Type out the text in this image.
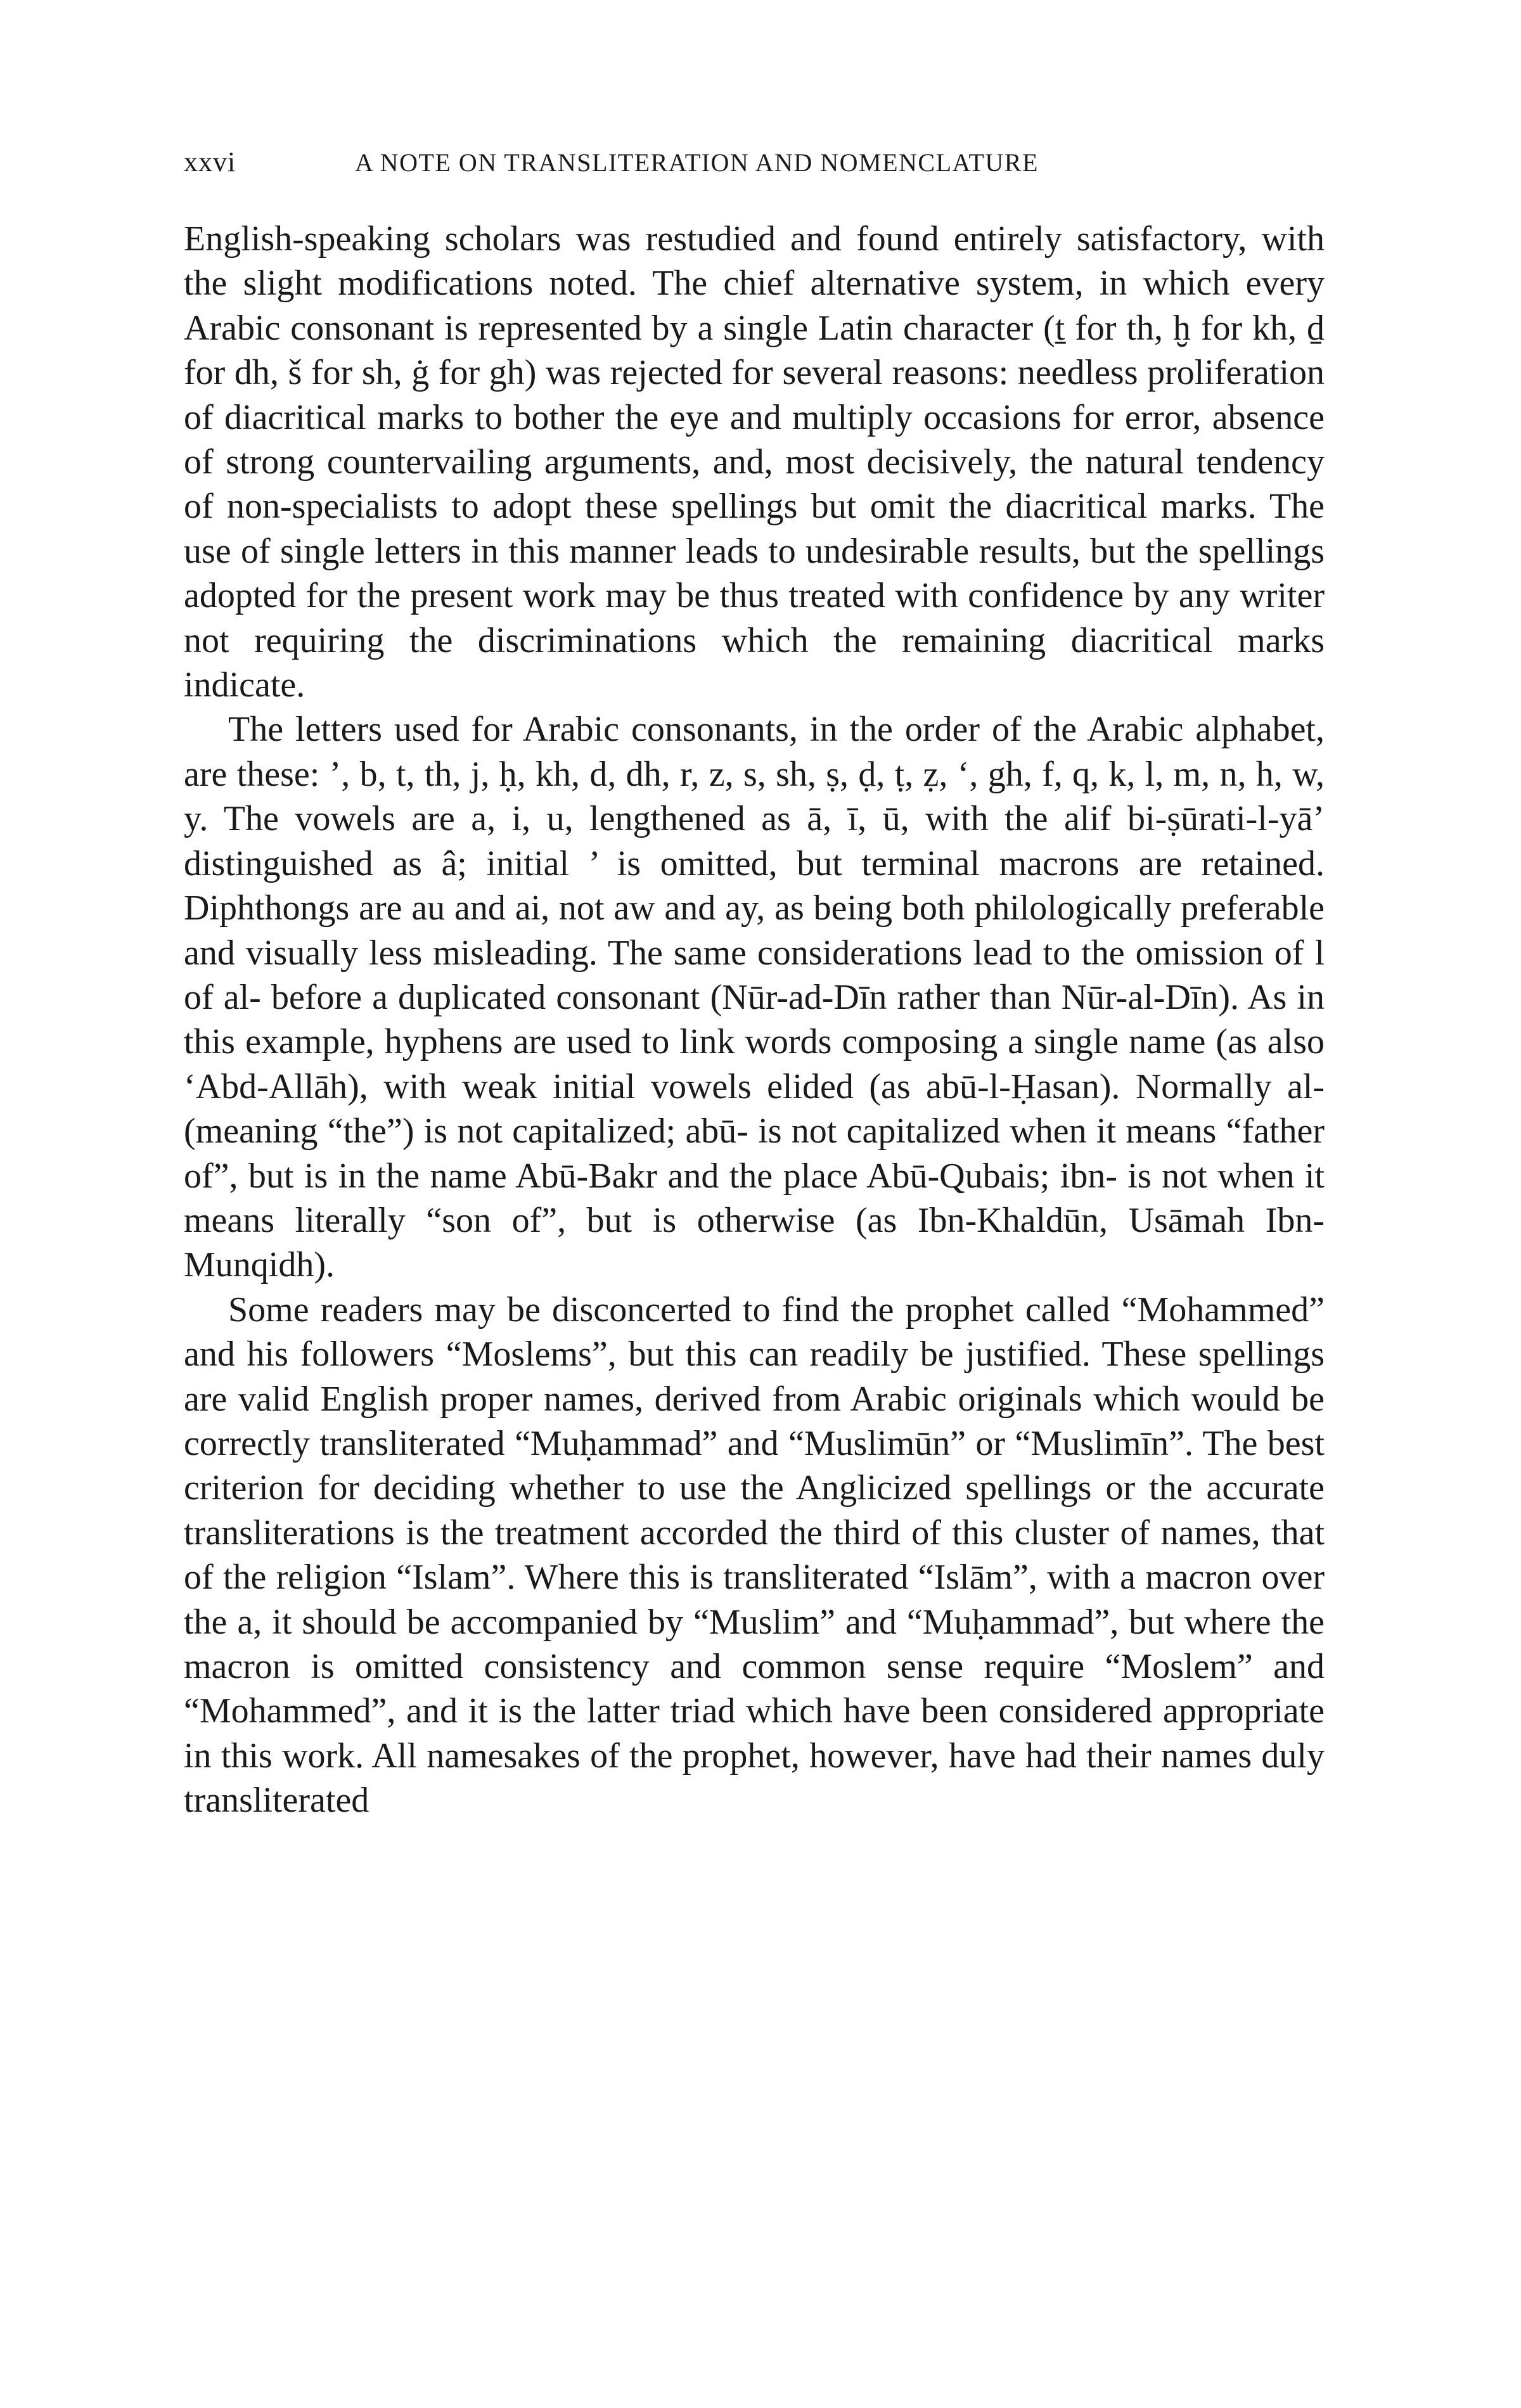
xxvi	A NOTE ON TRANSLITERATION AND NOMENCLATURE

English-speaking scholars was restudied and found entirely satisfactory, with the slight modifications noted. The chief alternative system, in which every Arabic consonant is represented by a single Latin character (ṯ for th, ḫ for kh, ḏ for dh, š for sh, ġ for gh) was rejected for several reasons: needless proliferation of diacritical marks to bother the eye and multiply occasions for error, absence of strong countervailing arguments, and, most decisively, the natural tendency of non-specialists to adopt these spellings but omit the diacritical marks. The use of single letters in this manner leads to undesirable results, but the spellings adopted for the present work may be thus treated with confidence by any writer not requiring the discriminations which the remaining diacritical marks indicate.

The letters used for Arabic consonants, in the order of the Arabic alphabet, are these: ’, b, t, th, j, ḥ, kh, d, dh, r, z, s, sh, ṣ, ḍ, ṭ, ẓ, ‘, gh, f, q, k, l, m, n, h, w, y. The vowels are a, i, u, lengthened as ā, ī, ū, with the alif bi-ṣūrati-l-yā’ distinguished as â; initial ’ is omitted, but terminal macrons are retained. Diphthongs are au and ai, not aw and ay, as being both philologically preferable and visually less misleading. The same considerations lead to the omission of l of al- before a duplicated consonant (Nūr-ad-Dīn rather than Nūr-al-Dīn). As in this example, hyphens are used to link words composing a single name (as also ‘Abd-Allāh), with weak initial vowels elided (as abū-l-Ḥasan). Normally al- (meaning “the”) is not capitalized; abū- is not capitalized when it means “father of”, but is in the name Abū-Bakr and the place Abū-Qubais; ibn- is not when it means literally “son of”, but is otherwise (as Ibn-Khaldūn, Usāmah Ibn-Munqidh).

Some readers may be disconcerted to find the prophet called “Mohammed” and his followers “Moslems”, but this can readily be justified. These spellings are valid English proper names, derived from Arabic originals which would be correctly transliterated “Muḥammad” and “Muslimūn” or “Muslimīn”. The best criterion for deciding whether to use the Anglicized spellings or the accurate transliterations is the treatment accorded the third of this cluster of names, that of the religion “Islam”. Where this is transliterated “Islām”, with a macron over the a, it should be accompanied by “Muslim” and “Muḥammad”, but where the macron is omitted consistency and common sense require “Moslem” and “Mohammed”, and it is the latter triad which have been considered appropriate in this work. All namesakes of the prophet, however, have had their names duly transliterated
